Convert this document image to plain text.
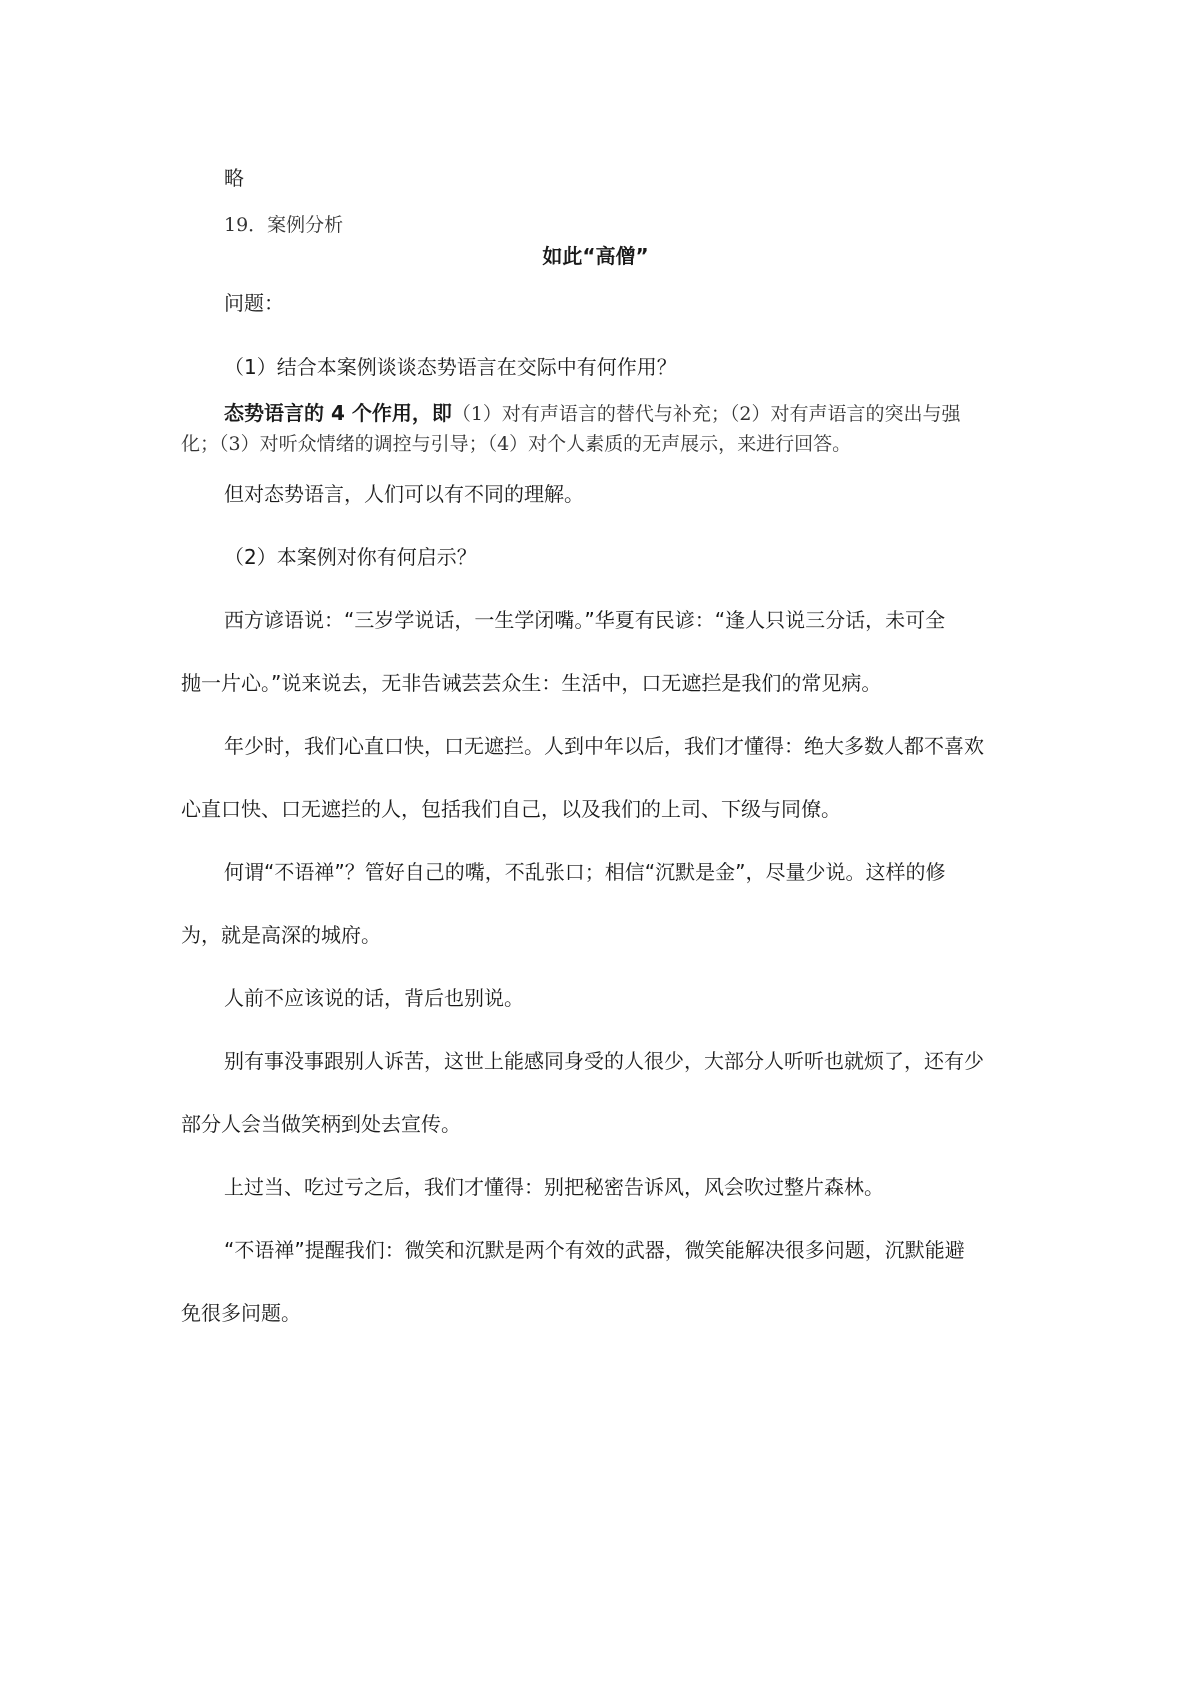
略
19．案例分析
如此“高僧”
问题：
（1）结合本案例谈谈态势语言在交际中有何作用？
态势语言的 4 个作用，即（1）对有声语言的替代与补充；（2）对有声语言的突出与强
化；（3）对听众情绪的调控与引导；（4）对个人素质的无声展示，来进行回答。
但对态势语言，人们可以有不同的理解。
（2）本案例对你有何启示？
西方谚语说：“三岁学说话，一生学闭嘴。”华夏有民谚：“逢人只说三分话，未可全
抛一片心。”说来说去，无非告诫芸芸众生：生活中，口无遮拦是我们的常见病。
年少时，我们心直口快，口无遮拦。人到中年以后，我们才懂得：绝大多数人都不喜欢
心直口快、口无遮拦的人，包括我们自己，以及我们的上司、下级与同僚。
何谓“不语禅”？管好自己的嘴，不乱张口；相信“沉默是金”，尽量少说。这样的修
为，就是高深的城府。
人前不应该说的话，背后也别说。
别有事没事跟别人诉苦，这世上能感同身受的人很少，大部分人听听也就烦了，还有少
部分人会当做笑柄到处去宣传。
上过当、吃过亏之后，我们才懂得：别把秘密告诉风，风会吹过整片森林。
“不语禅”提醒我们：微笑和沉默是两个有效的武器，微笑能解决很多问题，沉默能避
免很多问题。
